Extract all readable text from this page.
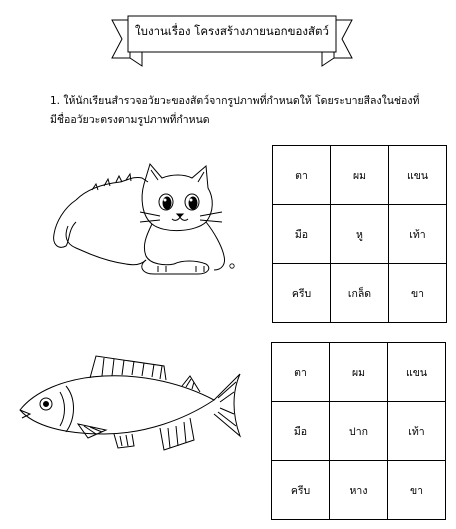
ใบงานเรื่อง โครงสร้างภายนอกของสัตว์

1. ให้นักเรียนสำรวจอวัยวะของสัตว์จากรูปภาพที่กำหนดให้ โดยระบายสีลงในช่องที่

มีชื่ออวัยวะตรงตามรูปภาพที่กำหนด

ตา	ผม	แขน
มือ	หู	เท้า
ครีบ	เกล็ด	ขา
ตา	ผม	แขน
มือ	ปาก	เท้า
ครีบ	หาง	ขา
